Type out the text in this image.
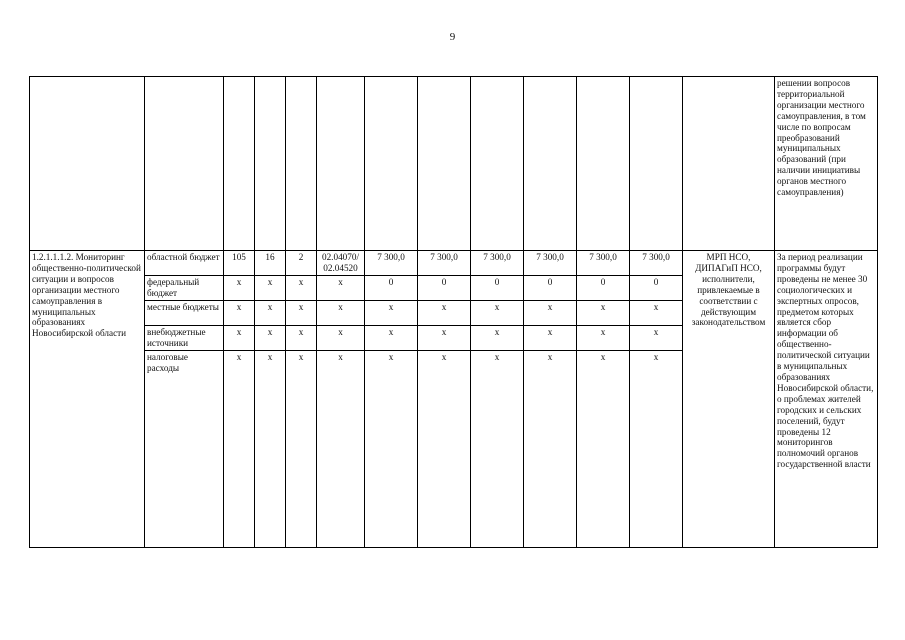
9
													решении вопросов территориальной организации местного самоуправления, в том числе по вопросам преобразований муниципальных образований (при наличии инициативы органов местного самоуправления)
1.2.1.1.1.2. Мониторинг общественно-политической ситуации и вопросов организации местного самоуправления в муниципальных образованиях Новосибирской области	областной бюджет	105	16	2	02.04070/ 02.04520	7 300,0	7 300,0	7 300,0	7 300,0	7 300,0	7 300,0	МРП НСО, ДИПАГиП НСО, исполнители, привлекаемые в соответствии с действующим законодательством	За период реализации программы будут проведены не менее 30 социологических и экспертных опросов, предметом которых является сбор информации об общественно-политической ситуации в муниципальных образованиях Новосибирской области, о проблемах жителей городских и сельских поселений, будут проведены 12 мониторингов полномочий органов государственной власти
	федеральный бюджет	x	x	x	x	0	0	0	0	0	0		
	местные бюджеты	x	x	x	x	x	x	x	x	x	x		
	внебюджетные источники	x	x	x	x	x	x	x	x	x	x		
	налоговые расходы	x	x	x	x	x	x	x	x	x	x		
